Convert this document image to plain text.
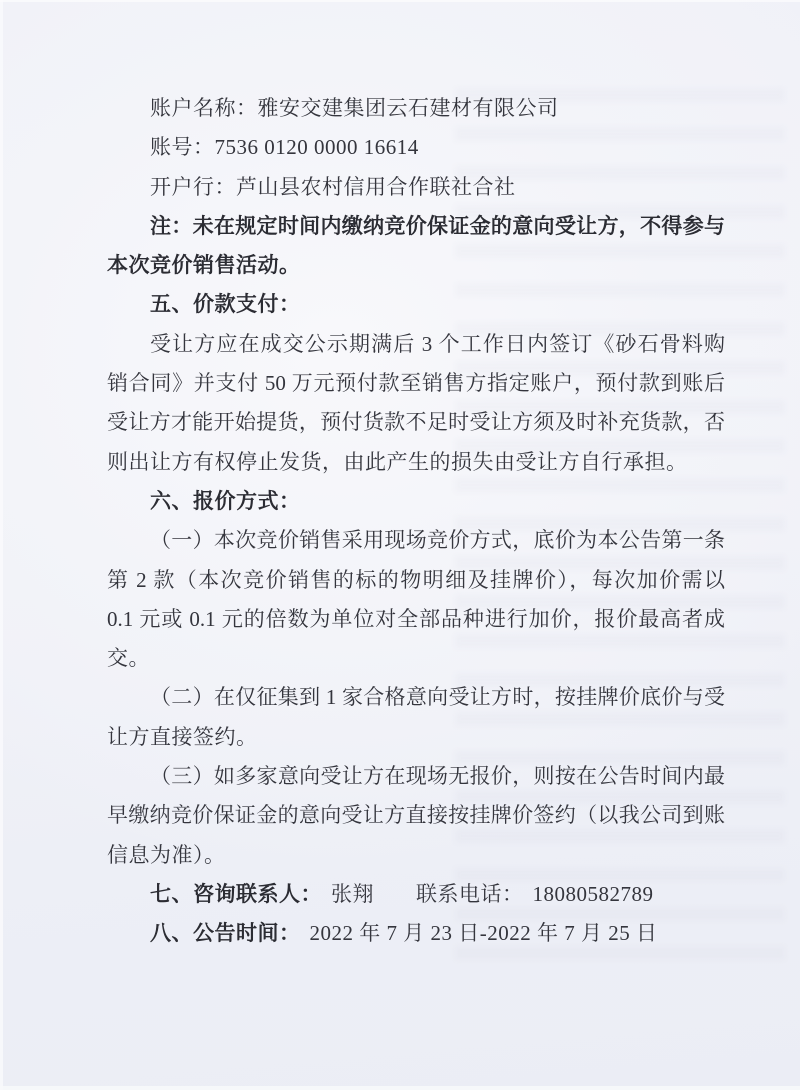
账户名称：雅安交建集团云石建材有限公司
账号：7536 0120 0000 16614
开户行：芦山县农村信用合作联社合社
注：未在规定时间内缴纳竞价保证金的意向受让方，不得参与
本次竞价销售活动。
五、价款支付：
受让方应在成交公示期满后 3 个工作日内签订《砂石骨料购
销合同》并支付 50 万元预付款至销售方指定账户，预付款到账后
受让方才能开始提货，预付货款不足时受让方须及时补充货款，否
则出让方有权停止发货，由此产生的损失由受让方自行承担。
六、报价方式：
（一）本次竞价销售采用现场竞价方式，底价为本公告第一条
第 2 款（本次竞价销售的标的物明细及挂牌价），每次加价需以
0.1 元或 0.1 元的倍数为单位对全部品种进行加价，报价最高者成
交。
（二）在仅征集到 1 家合格意向受让方时，按挂牌价底价与受
让方直接签约。
（三）如多家意向受让方在现场无报价，则按在公告时间内最
早缴纳竞价保证金的意向受让方直接按挂牌价签约（以我公司到账
信息为准）。
七、咨询联系人： 张翔 联系电话： 18080582789
八、公告时间： 2022 年 7 月 23 日-2022 年 7 月 25 日
